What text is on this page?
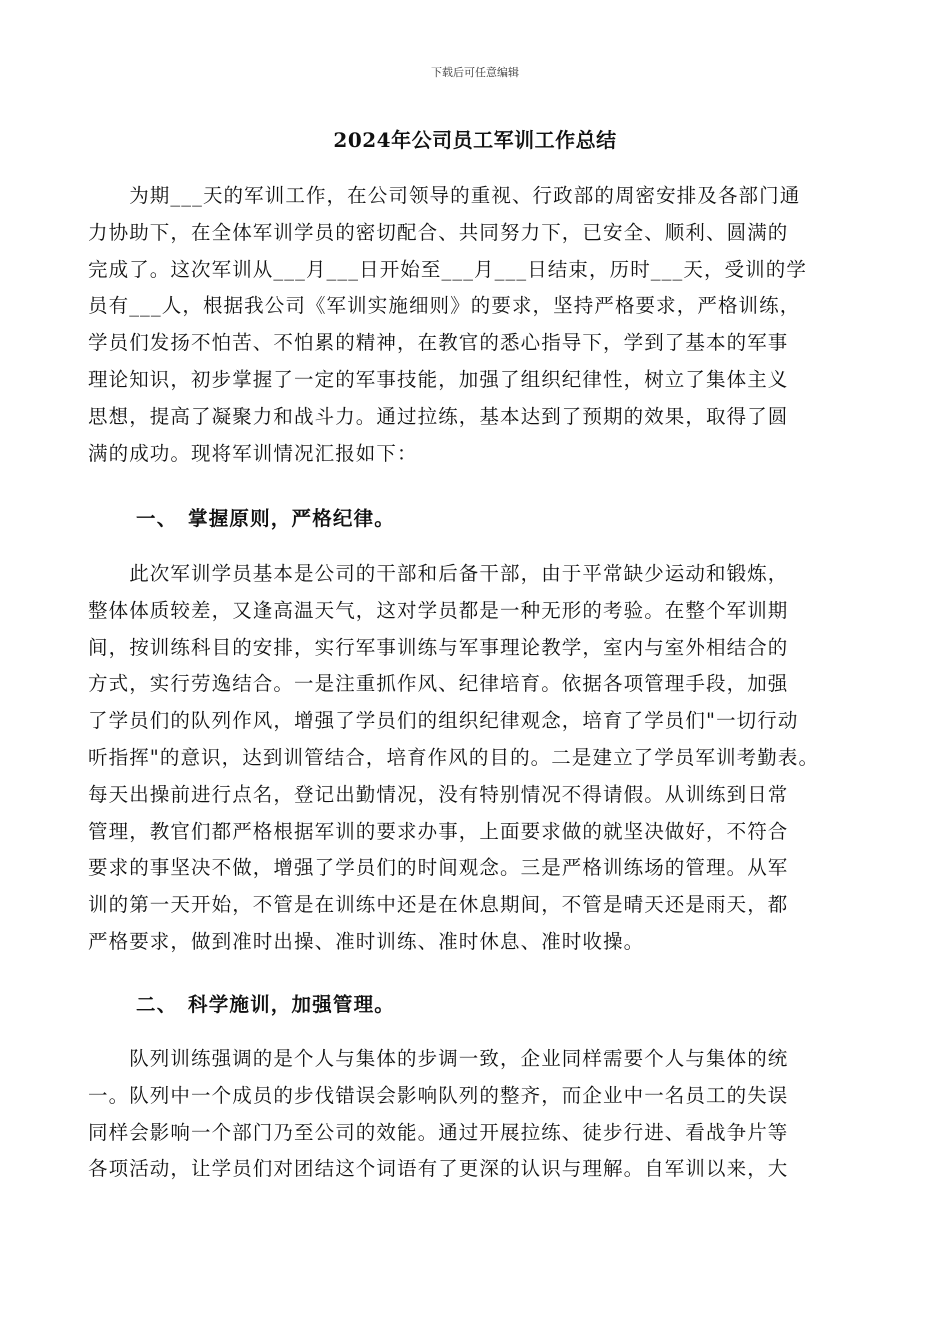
下载后可任意编辑
2024年公司员工军训工作总结
　　为期___天的军训工作，在公司领导的重视、行政部的周密安排及各部门通
力协助下，在全体军训学员的密切配合、共同努力下，已安全、顺利、圆满的
完成了。这次军训从___月___日开始至___月___日结束，历时___天，受训的学
员有___人，根据我公司《军训实施细则》的要求，坚持严格要求，严格训练，
学员们发扬不怕苦、不怕累的精神，在教官的悉心指导下，学到了基本的军事
理论知识，初步掌握了一定的军事技能，加强了组织纪律性，树立了集体主义
思想，提高了凝聚力和战斗力。通过拉练，基本达到了预期的效果，取得了圆
满的成功。现将军训情况汇报如下：
一、 掌握原则，严格纪律。
　　此次军训学员基本是公司的干部和后备干部，由于平常缺少运动和锻炼，
整体体质较差，又逢高温天气，这对学员都是一种无形的考验。在整个军训期
间，按训练科目的安排，实行军事训练与军事理论教学，室内与室外相结合的
方式，实行劳逸结合。一是注重抓作风、纪律培育。依据各项管理手段，加强
了学员们的队列作风，增强了学员们的组织纪律观念，培育了学员们"一切行动
听指挥"的意识，达到训管结合，培育作风的目的。二是建立了学员军训考勤表。
每天出操前进行点名，登记出勤情况，没有特别情况不得请假。从训练到日常
管理，教官们都严格根据军训的要求办事，上面要求做的就坚决做好，不符合
要求的事坚决不做，增强了学员们的时间观念。三是严格训练场的管理。从军
训的第一天开始，不管是在训练中还是在休息期间，不管是晴天还是雨天，都
严格要求，做到准时出操、准时训练、准时休息、准时收操。
二、 科学施训，加强管理。
　　队列训练强调的是个人与集体的步调一致，企业同样需要个人与集体的统
一。队列中一个成员的步伐错误会影响队列的整齐，而企业中一名员工的失误
同样会影响一个部门乃至公司的效能。通过开展拉练、徒步行进、看战争片等
各项活动，让学员们对团结这个词语有了更深的认识与理解。自军训以来，大
